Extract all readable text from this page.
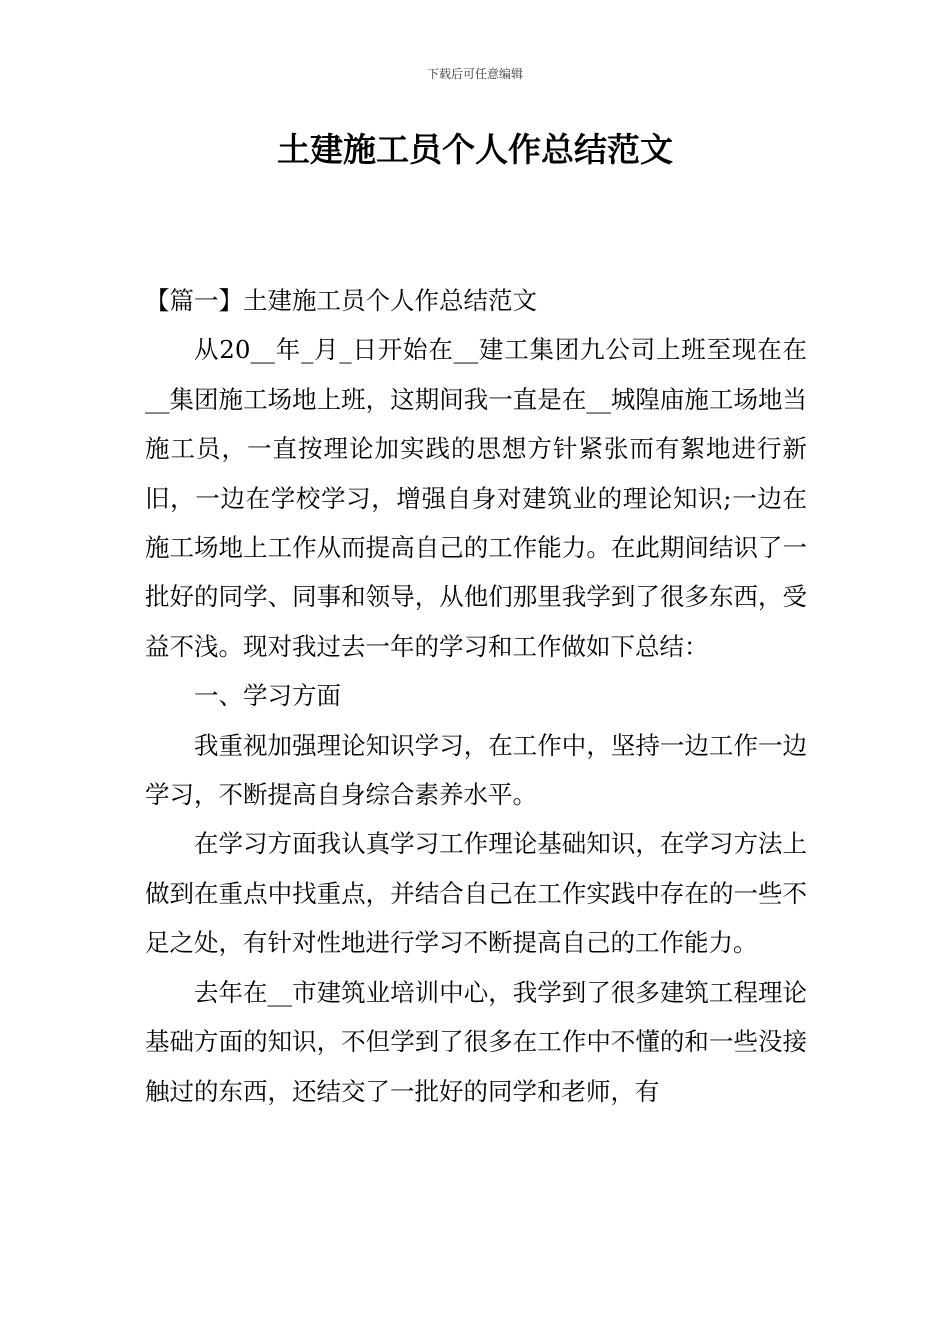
下载后可任意编辑
土建施工员个人作总结范文

【篇一】土建施工员个人作总结范文

从20__年_月_日开始在__建工集团九公司上班至现在在__集团施工场地上班，这期间我一直是在__城隍庙施工场地当施工员，一直按理论加实践的思想方针紧张而有絮地进行新旧，一边在学校学习，增强自身对建筑业的理论知识;一边在施工场地上工作从而提高自己的工作能力。在此期间结识了一批好的同学、同事和领导，从他们那里我学到了很多东西，受益不浅。现对我过去一年的学习和工作做如下总结：

一、学习方面

我重视加强理论知识学习，在工作中，坚持一边工作一边学习，不断提高自身综合素养水平。

在学习方面我认真学习工作理论基础知识，在学习方法上做到在重点中找重点，并结合自己在工作实践中存在的一些不足之处，有针对性地进行学习不断提高自己的工作能力。

去年在__市建筑业培训中心，我学到了很多建筑工程理论基础方面的知识，不但学到了很多在工作中不懂的和一些没接触过的东西，还结交了一批好的同学和老师，有
